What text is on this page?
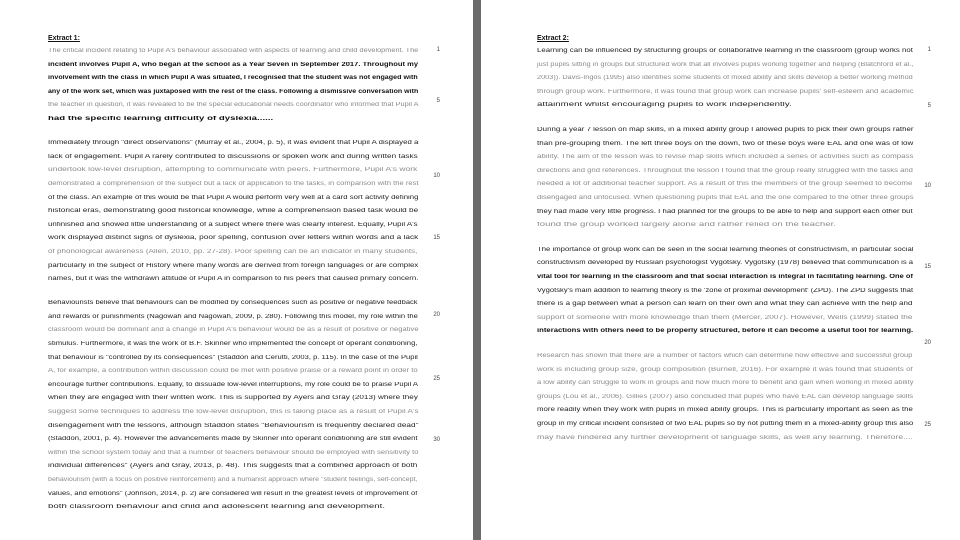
Extract 1:
The critical incident relating to Pupil A's behaviour associated with aspects of learning and child development. The
incident involves Pupil A, who began at the school as a Year Seven in September 2017. Throughout my
involvement with the class in which Pupil A was situated, I recognised that the student was not engaged with
any of the work set, which was juxtaposed with the rest of the class. Following a dismissive conversation with
the teacher in question, it was revealed to be the special educational needs coordinator who informed that Pupil A
had the specific learning difficulty of dyslexia......
Immediately through "direct observations" (Murray et al., 2004, p. 5), it was evident that Pupil A displayed a
lack of engagement. Pupil A rarely contributed to discussions or spoken work and during written tasks
undertook low-level disruption, attempting to communicate with peers. Furthermore, Pupil A's work
demonstrated a comprehension of the subject but a lack of application to the tasks, in comparison with the rest
of the class. An example of this would be that Pupil A would perform very well at a card sort activity defining
historical eras, demonstrating good historical knowledge, while a comprehension based task would be
unfinished and showed little understanding of a subject where there was clearly interest. Equally, Pupil A's
work displayed distinct signs of dyslexia, poor spelling, confusion over letters within words and a lack
of phonological awareness (Allen, 2010, pp. 27-28). Poor spelling can be an indicator in many students,
particularly in the subject of History where many words are derived from foreign languages or are complex
names, but it was the withdrawn attitude of Pupil A in comparison to his peers that caused primary concern.
Behaviourists believe that behaviours can be modified by consequences such as positive or negative feedback
and rewards or punishments (Nagowah and Nagowah, 2009, p. 280). Following this model, my role within the
classroom would be dominant and a change in Pupil A's behaviour would be as a result of positive or negative
stimulus. Furthermore, it was the work of B.F. Skinner who implemented the concept of operant conditioning,
that behaviour is "controlled by its consequences" (Staddon and Cerutti, 2003, p. 115). In the case of the Pupil
A, for example, a contribution within discussion could be met with positive praise or a reward point in order to
encourage further contributions. Equally, to dissuade low-level interruptions, my role could be to praise Pupil A
when they are engaged with their written work. This is supported by Ayers and Gray (2013) where they
suggest some techniques to address the low-level disruption, this is taking place as a result of Pupil A's
disengagement with the lessons, although Staddon states "Behaviourism is frequently declared dead"
(Staddon, 2001, p. 4). However the advancements made by Skinner into operant conditioning are still evident
within the school system today and that a number of teachers behaviour should be employed with sensitivity to
individual differences" (Ayers and Gray, 2013, p. 48). This suggests that a combined approach of both
behaviourism (with a focus on positive reinforcement) and a humanist approach where "student feelings, self-concept,
values, and emotions" (Johnson, 2014, p. 2) are considered will result in the greatest levels of improvement of
both classroom behaviour and child and adolescent learning and development.
1
5
10
15
20
25
30
Extract 2:
Learning can be influenced by structuring groups or collaborative learning in the classroom (group works not
just pupils sitting in groups but structured work that all involves pupils working together and helping (Blatchford et al.,
2003)). Davis-Ingos (1995) also identifies some students of mixed ability and skills develop a better working method
through group work. Furthermore, it was found that group work can increase pupils' self-esteem and academic
attainment whilst encouraging pupils to work independently.
During a year 7 lesson on map skills, in a mixed ability group I allowed pupils to pick their own groups rather
than pre-grouping them. The left three boys on the down, two of these boys were EAL and one was of low
ability. The aim of the lesson was to revise map skills which included a series of activities such as compass
directions and grid references. Throughout the lesson I found that the group really struggled with the tasks and
needed a lot of additional teacher support. As a result of this the members of the group seemed to become
disengaged and unfocused. When questioning pupils that EAL and the one compared to the other three groups
they had made very little progress. I had planned for the groups to be able to help and support each other but
found the group worked largely alone and rather relied on the teacher.
The importance of group work can be seen in the social learning theories of constructivism, in particular social
constructivism developed by Russian psychologist Vygotsky. Vygotsky (1978) believed that communication is a
vital tool for learning in the classroom and that social interaction is integral in facilitating learning. One of
Vygotsky's main addition to learning theory is the 'zone of proximal development' (ZPD). The ZPD suggests that
there is a gap between what a person can learn on their own and what they can achieve with the help and
support of someone with more knowledge than them (Mercer, 2007). However, Wells (1999) stated the
interactions with others need to be properly structured, before it can become a useful tool for learning.
Research has shown that there are a number of factors which can determine how effective and successful group
work is including group size, group composition (Burnell, 2016). For example it was found that students of
a low ability can struggle to work in groups and how much more to benefit and gain when working in mixed ability
groups (Lou et al., 2006). Gillies (2007) also concluded that pupils who have EAL can develop language skills
more readily when they work with pupils in mixed ability groups. This is particularly important as seen as the
group in my critical incident consisted of two EAL pupils so by not putting them in a mixed-ability group this also
may have hindered any further development of language skills, as well any learning. Therefore....
1
5
10
15
20
25
